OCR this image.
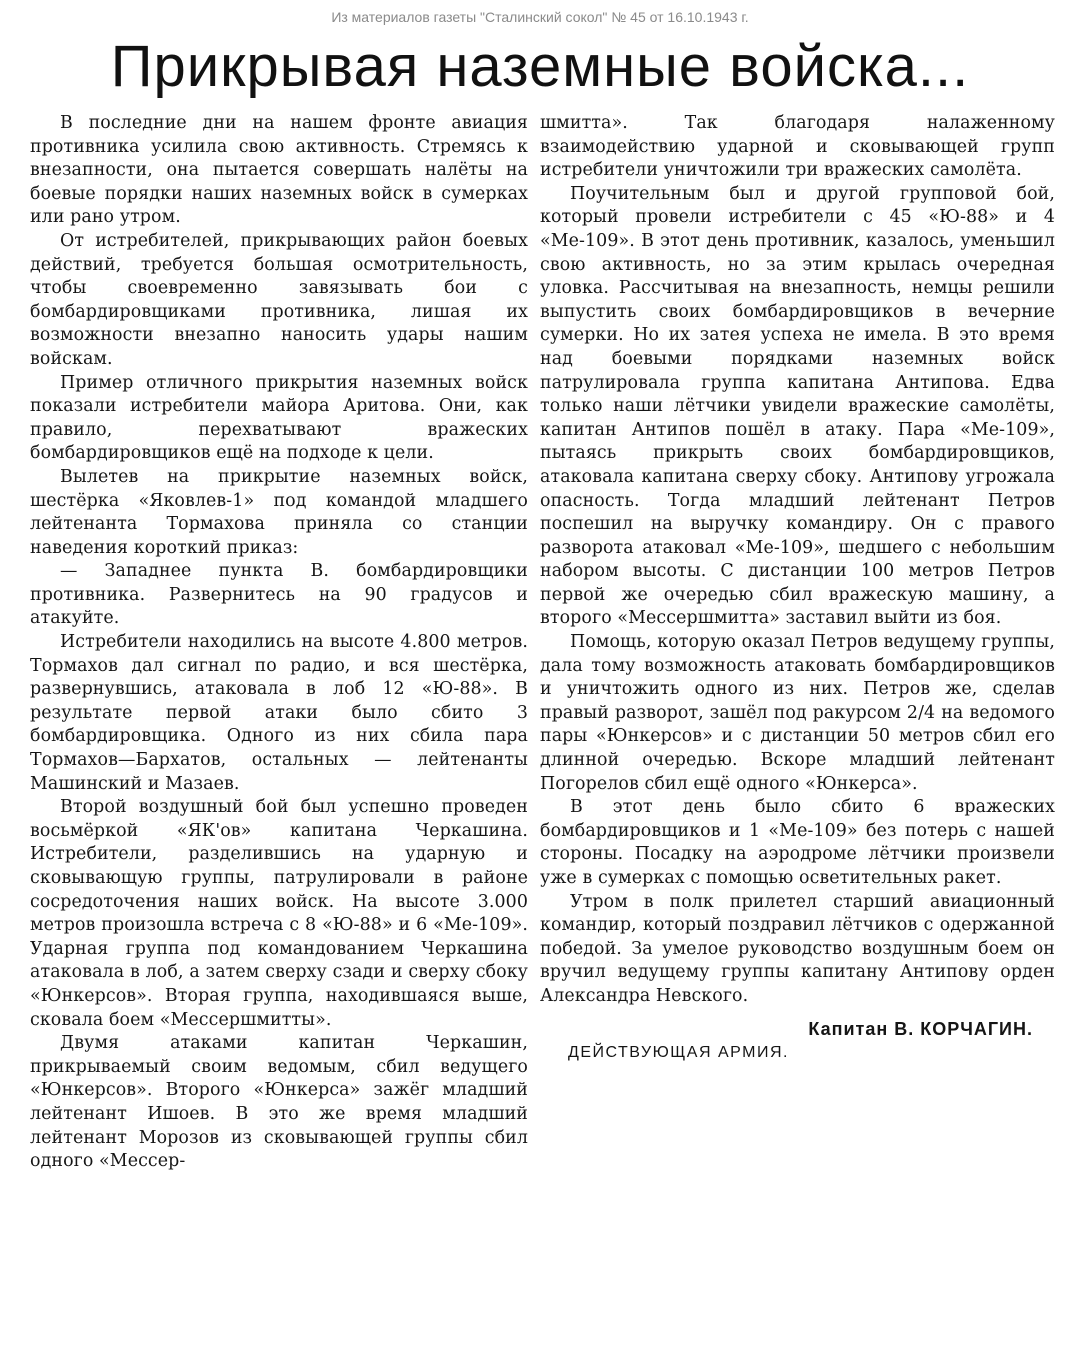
Из материалов газеты "Сталинский сокол" № 45 от 16.10.1943 г.
Прикрывая наземные войска...

В последние дни на нашем фронте авиация противника усилила свою активность. Стремясь к внезапности, она пытается совершать налёты на боевые порядки наших наземных войск в сумерках или рано утром.

От истребителей, прикрывающих район боевых действий, требуется большая осмотрительность, чтобы своевременно завязывать бои с бомбардировщиками противника, лишая их возможности внезапно наносить удары нашим войскам.

Пример отличного прикрытия наземных войск показали истребители майора Аритова. Они, как правило, перехватывают вражеских бомбардировщиков ещё на подходе к цели.

Вылетев на прикрытие наземных войск, шестёрка «Яковлев-1» под командой младшего лейтенанта Тормахова приняла со станции наведения короткий приказ:

— Западнее пункта В. бомбардировщики противника. Развернитесь на 90 градусов и атакуйте.

Истребители находились на высоте 4.800 метров. Тормахов дал сигнал по радио, и вся шестёрка, развернувшись, атаковала в лоб 12 «Ю-88». В результате первой атаки было сбито 3 бомбардировщика. Одного из них сбила пара Тормахов—Бархатов, остальных — лейтенанты Машинский и Мазаев.

Второй воздушный бой был успешно проведен восьмёркой «ЯК'ов» капитана Черкашина. Истребители, разделившись на ударную и сковывающую группы, патрулировали в районе сосредоточения наших войск. На высоте 3.000 метров произошла встреча с 8 «Ю-88» и 6 «Ме-109». Ударная группа под командованием Черкашина атаковала в лоб, а затем сверху сзади и сверху сбоку «Юнкерсов». Вторая группа, находившаяся выше, сковала боем «Мессершмитты».

Двумя атаками капитан Черкашин, прикрываемый своим ведомым, сбил ведущего «Юнкерсов». Второго «Юнкерса» зажёг младший лейтенант Ишоев. В это же время младший лейтенант Морозов из сковывающей группы сбил одного «Мессер-

шмитта». Так благодаря налаженному взаимодействию ударной и сковывающей групп истребители уничтожили три вражеских самолёта.

Поучительным был и другой групповой бой, который провели истребители с 45 «Ю-88» и 4 «Ме-109». В этот день противник, казалось, уменьшил свою активность, но за этим крылась очередная уловка. Рассчитывая на внезапность, немцы решили выпустить своих бомбардировщиков в вечерние сумерки. Но их затея успеха не имела. В это время над боевыми порядками наземных войск патрулировала группа капитана Антипова. Едва только наши лётчики увидели вражеские самолёты, капитан Антипов пошёл в атаку. Пара «Ме-109», пытаясь прикрыть своих бомбардировщиков, атаковала капитана сверху сбоку. Антипову угрожала опасность. Тогда младший лейтенант Петров поспешил на выручку командиру. Он с правого разворота атаковал «Ме-109», шедшего с небольшим набором высоты. С дистанции 100 метров Петров первой же очередью сбил вражескую машину, а второго «Мессершмитта» заставил выйти из боя.

Помощь, которую оказал Петров ведущему группы, дала тому возможность атаковать бомбардировщиков и уничтожить одного из них. Петров же, сделав правый разворот, зашёл под ракурсом 2/4 на ведомого пары «Юнкерсов» и с дистанции 50 метров сбил его длинной очередью. Вскоре младший лейтенант Погорелов сбил ещё одного «Юнкерса».

В этот день было сбито 6 вражеских бомбардировщиков и 1 «Ме-109» без потерь с нашей стороны. Посадку на аэродроме лётчики произвели уже в сумерках с помощью осветительных ракет.

Утром в полк прилетел старший авиационный командир, который поздравил лётчиков с одержанной победой. За умелое руководство воздушным боем он вручил ведущему группы капитану Антипову орден Александра Невского.

Капитан В. КОРЧАГИН.
ДЕЙСТВУЮЩАЯ АРМИЯ.
